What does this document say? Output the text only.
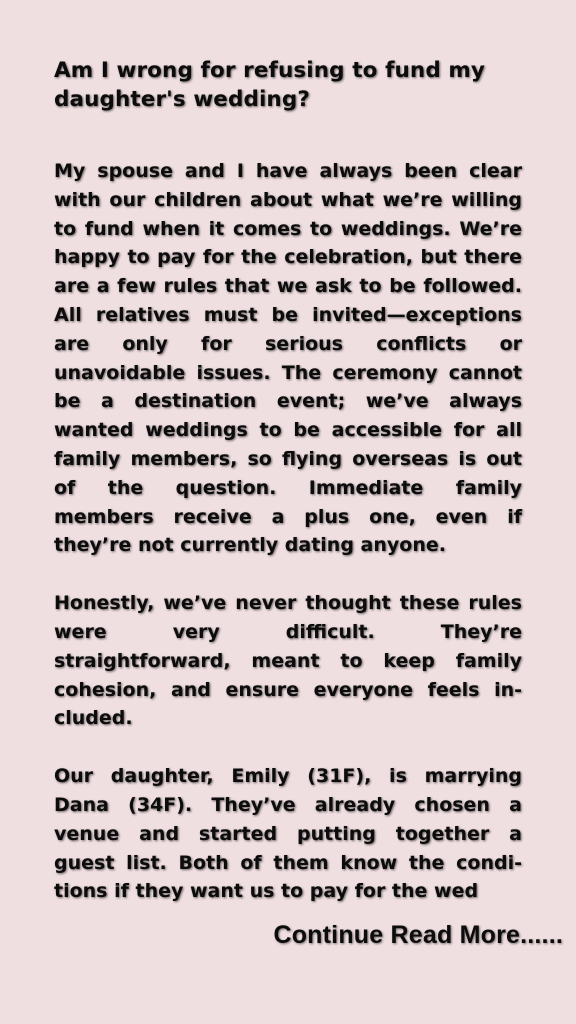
Am I wrong for refusing to fund my daughter's wedding?

My spouse and I have always been clear with our children about what we’re willing to fund when it comes to weddings. We’re happy to pay for the celebration, but there are a few rules that we ask to be followed. All relatives must be invited—exceptions are only for serious conflicts or unavoidable issues. The ceremony cannot be a destination event; we’ve always wanted weddings to be accessible for all family members, so flying overseas is out of the question. Immediate family members receive a plus one, even if they’re not currently dating anyone.

Honestly, we’ve never thought these rules were very difficult. They’re straightforward, meant to keep family cohesion, and ensure everyone feels included.

Our daughter, Emily (31F), is marrying Dana (34F). They’ve already chosen a venue and started putting together a guest list. Both of them know the conditions if they want us to pay for the wed

Continue Read More......
